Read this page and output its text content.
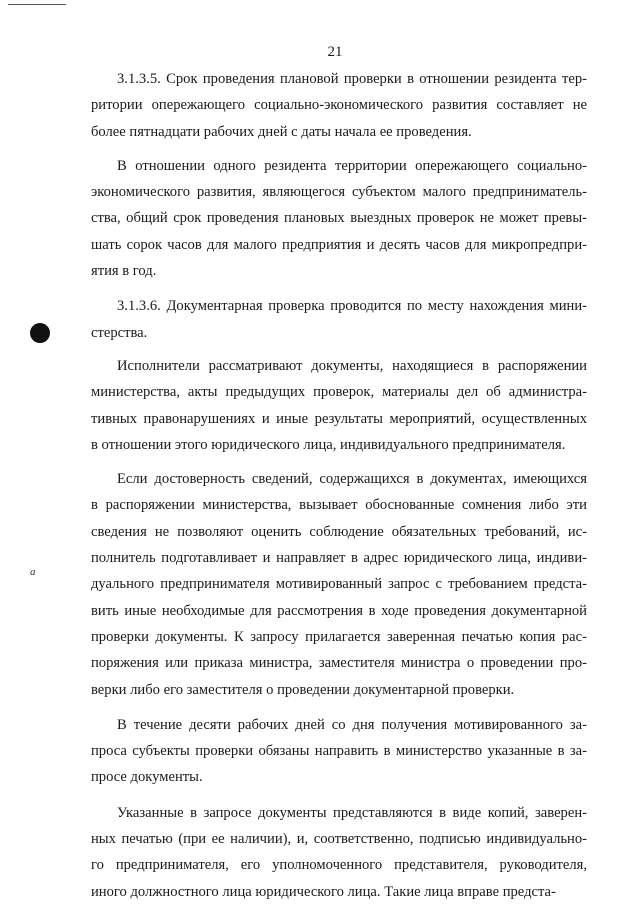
21
a

3.1.3.5. Срок проведения плановой проверки в отношении резидента тер-
ритории опережающего социально-экономического развития составляет не
более пятнадцати рабочих дней с даты начала ее проведения.

В отношении одного резидента территории опережающего социально-
экономического развития, являющегося субъектом малого предприниматель-
ства, общий срок проведения плановых выездных проверок не может превы-
шать сорок часов для малого предприятия и десять часов для микропредпри-
ятия в год.

3.1.3.6. Документарная проверка проводится по месту нахождения мини-
стерства.

Исполнители рассматривают документы, находящиеся в распоряжении
министерства, акты предыдущих проверок, материалы дел об администра-
тивных правонарушениях и иные результаты мероприятий, осуществленных
в отношении этого юридического лица, индивидуального предпринимателя.

Если достоверность сведений, содержащихся в документах, имеющихся
в распоряжении министерства, вызывает обоснованные сомнения либо эти
сведения не позволяют оценить соблюдение обязательных требований, ис-
полнитель подготавливает и направляет в адрес юридического лица, индиви-
дуального предпринимателя мотивированный запрос с требованием предста-
вить иные необходимые для рассмотрения в ходе проведения документарной
проверки документы. К запросу прилагается заверенная печатью копия рас-
поряжения или приказа министра, заместителя министра о проведении про-
верки либо его заместителя о проведении документарной проверки.

В течение десяти рабочих дней со дня получения мотивированного за-
проса субъекты проверки обязаны направить в министерство указанные в за-
просе документы.

Указанные в запросе документы представляются в виде копий, заверен-
ных печатью (при ее наличии), и, соответственно, подписью индивидуально-
го предпринимателя, его уполномоченного представителя, руководителя,
иного должностного лица юридического лица. Такие лица вправе предста-
